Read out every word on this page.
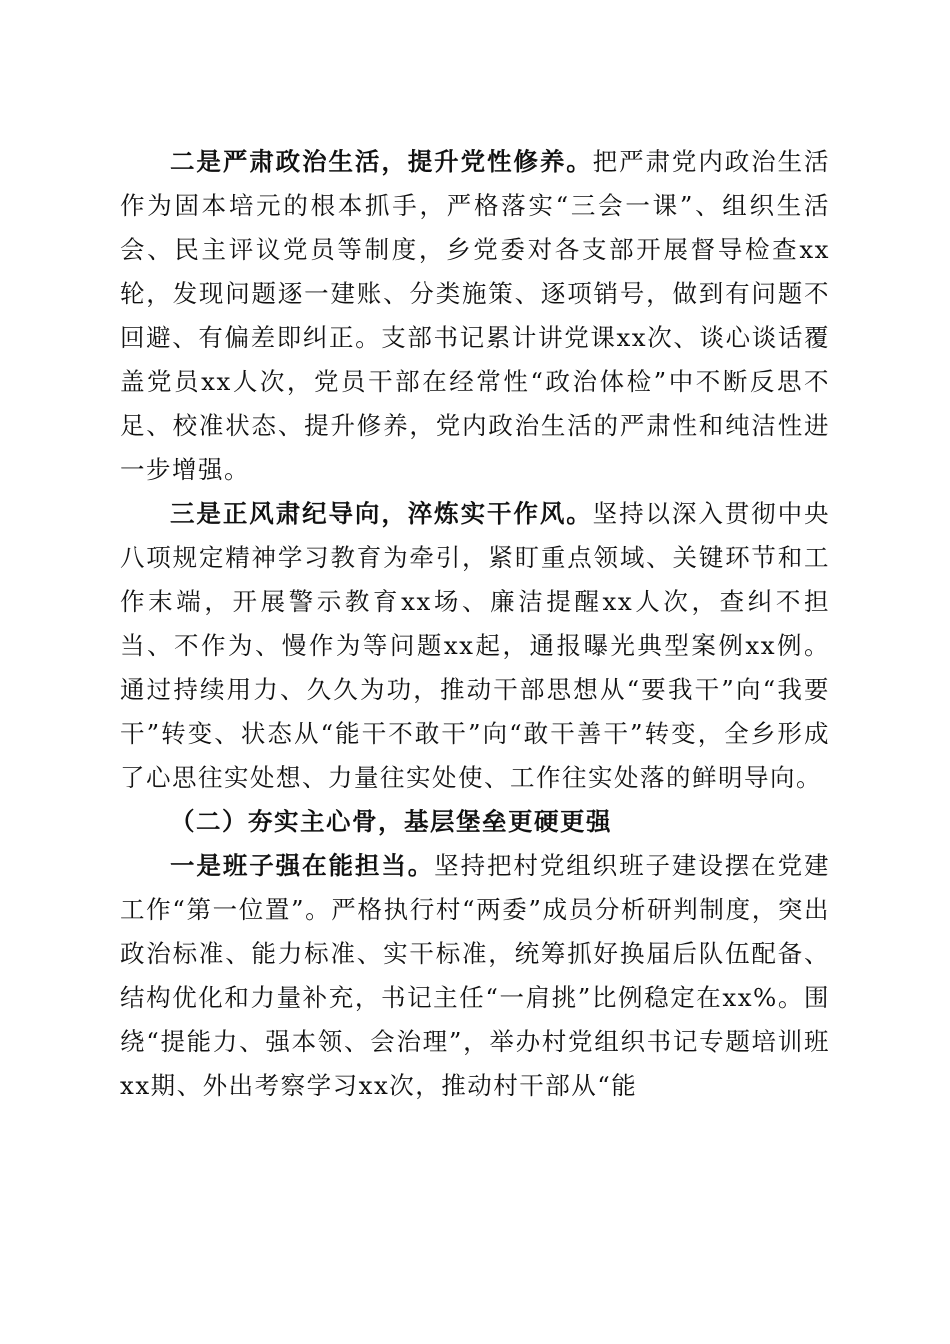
二是严肃政治生活，提升党性修养。把严肃党内政治生活作为固本培元的根本抓手，严格落实“三会一课”、组织生活会、民主评议党员等制度，乡党委对各支部开展督导检查xx轮，发现问题逐一建账、分类施策、逐项销号，做到有问题不回避、有偏差即纠正。支部书记累计讲党课xx次、谈心谈话覆盖党员xx人次，党员干部在经常性“政治体检”中不断反思不足、校准状态、提升修养，党内政治生活的严肃性和纯洁性进一步增强。

三是正风肃纪导向，淬炼实干作风。坚持以深入贯彻中央八项规定精神学习教育为牵引，紧盯重点领域、关键环节和工作末端，开展警示教育xx场、廉洁提醒xx人次，查纠不担当、不作为、慢作为等问题xx起，通报曝光典型案例xx例。通过持续用力、久久为功，推动干部思想从“要我干”向“我要干”转变、状态从“能干不敢干”向“敢干善干”转变，全乡形成了心思往实处想、力量往实处使、工作往实处落的鲜明导向。

（二）夯实主心骨，基层堡垒更硬更强

一是班子强在能担当。坚持把村党组织班子建设摆在党建工作“第一位置”。严格执行村“两委”成员分析研判制度，突出政治标准、能力标准、实干标准，统筹抓好换届后队伍配备、结构优化和力量补充，书记主任“一肩挑”比例稳定在xx%。围绕“提能力、强本领、会治理”，举办村党组织书记专题培训班xx期、外出考察学习xx次，推动村干部从“能
